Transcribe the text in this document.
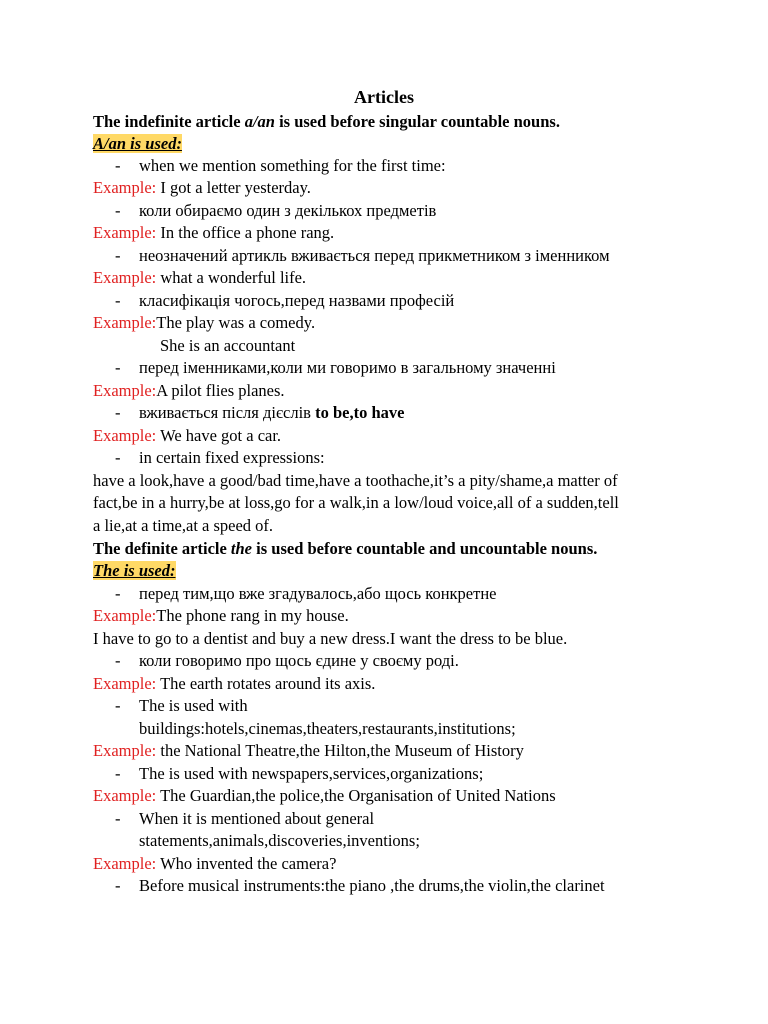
Articles
The indefinite article a/an is used before singular countable nouns.
A/an is used:
- when we mention something for the first time:
Example: I got a letter yesterday.
- коли обираємо один з декількох предметів
Example: In the office a phone rang.
- неозначений артикль вживається перед прикметником з іменником
Example: what a wonderful life.
- класифікація чогось,перед назвами професій
Example:The play was a comedy.
She is an accountant
- перед іменниками,коли ми говоримо в загальному значенні
Example:A pilot flies planes.
- вживається після дієслів to be,to have
Example: We have got a car.
- in certain fixed expressions:
have a look,have a good/bad time,have a toothache,it’s a pity/shame,a matter of
fact,be in a hurry,be at loss,go for a walk,in a low/loud voice,all of a sudden,tell
a lie,at a time,at a speed of.
The definite article the is used before countable and uncountable nouns.
The is used:
- перед тим,що вже згадувалось,або щось конкретне
Example:The phone rang in my house.
I have to go to a dentist and buy a new dress.I want the dress to be blue.
- коли говоримо про щось єдине у своєму роді.
Example: The earth rotates around its axis.
- The is used with
buildings:hotels,cinemas,theaters,restaurants,institutions;
Example: the National Theatre,the Hilton,the Museum of History
- The is used with newspapers,services,organizations;
Example: The Guardian,the police,the Organisation of United Nations
- When it is mentioned about general
statements,animals,discoveries,inventions;
Example: Who invented the camera?
- Before musical instruments:the piano ,the drums,the violin,the clarinet
